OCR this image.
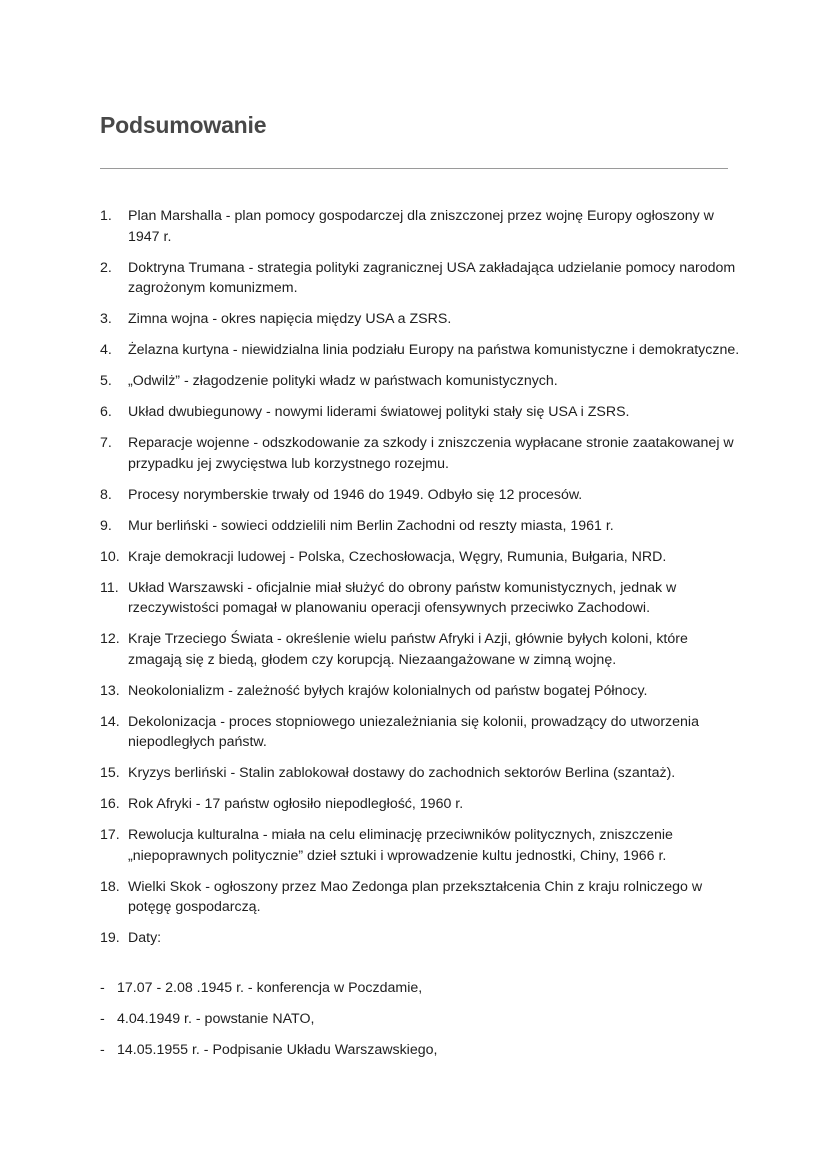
Podsumowanie
1.	Plan Marshalla - plan pomocy gospodarczej dla zniszczonej przez wojnę Europy ogłoszony w 1947 r.
2.	Doktryna Trumana - strategia polityki zagranicznej USA zakładająca udzielanie pomocy narodom zagrożonym komunizmem.
3.	Zimna wojna - okres napięcia między USA a ZSRS.
4.	Żelazna kurtyna - niewidzialna linia podziału Europy na państwa komunistyczne i demokratyczne.
5.	„Odwilż” - złagodzenie polityki władz w państwach komunistycznych.
6.	Układ dwubiegunowy - nowymi liderami światowej polityki stały się USA i ZSRS.
7.	Reparacje wojenne - odszkodowanie za szkody i zniszczenia wypłacane stronie zaatakowanej w przypadku jej zwycięstwa lub korzystnego rozejmu.
8.	Procesy norymberskie trwały od 1946 do 1949. Odbyło się 12 procesów.
9.	Mur berliński - sowieci oddzielili nim Berlin Zachodni od reszty miasta, 1961 r.
10. Kraje demokracji ludowej - Polska, Czechosłowacja, Węgry, Rumunia, Bułgaria, NRD.
11. Układ Warszawski - oficjalnie miał służyć do obrony państw komunistycznych, jednak w rzeczywistości pomagał w planowaniu operacji ofensywnych przeciwko Zachodowi.
12. Kraje Trzeciego Świata - określenie wielu państw Afryki i Azji, głównie byłych koloni, które zmagają się z biedą, głodem czy korupcją. Niezaangażowane w zimną wojnę.
13. Neokolonializm - zależność byłych krajów kolonialnych od państw bogatej Północy.
14. Dekolonizacja - proces stopniowego uniezależniania się kolonii, prowadzący do utworzenia niepodległych państw.
15. Kryzys berliński - Stalin zablokował dostawy do zachodnich sektorów Berlina (szantaż).
16. Rok Afryki - 17 państw ogłosiło niepodległość, 1960 r.
17. Rewolucja kulturalna - miała na celu eliminację przeciwników politycznych, zniszczenie „niepoprawnych politycznie” dzieł sztuki i wprowadzenie kultu jednostki, Chiny, 1966 r.
18. Wielki Skok - ogłoszony przez Mao Zedonga plan przekształcenia Chin z kraju rolniczego w potęgę gospodarczą.
19. Daty:
- 17.07 - 2.08 .1945 r. - konferencja w Poczdamie,
- 4.04.1949 r. - powstanie NATO,
- 14.05.1955 r. - Podpisanie Układu Warszawskiego,
